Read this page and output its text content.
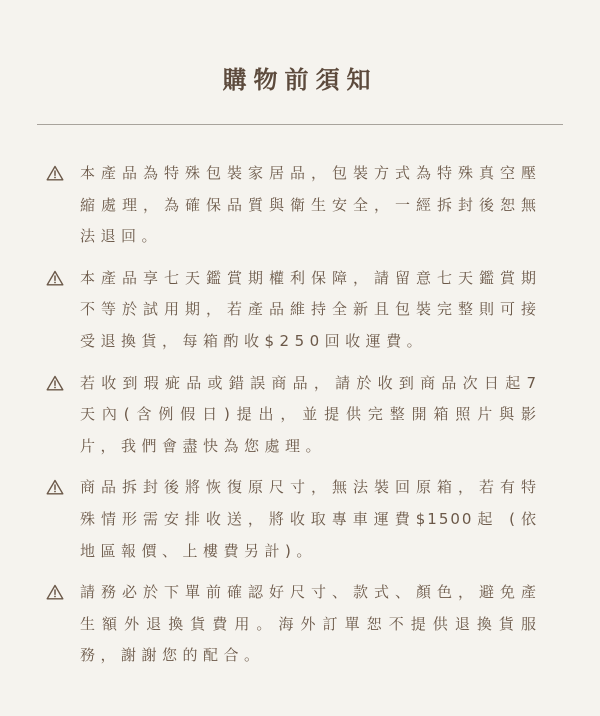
購物前須知
本產品為特殊包裝家居品，包裝方式為特殊真空壓
縮處理，為確保品質與衛生安全，一經拆封後恕無
法退回。
本產品享七天鑑賞期權利保障，請留意七天鑑賞期
不等於試用期，若產品維持全新且包裝完整則可接
受退換貨，每箱酌收$250回收運費。
若收到瑕疵品或錯誤商品，請於收到商品次日起7
天內(含例假日)提出，並提供完整開箱照片與影
片，我們會盡快為您處理。
商品拆封後將恢復原尺寸，無法裝回原箱，若有特
殊情形需安排收送，將收取專車運費$1500起 (依
地區報價、上樓費另計)。
請務必於下單前確認好尺寸、款式、顏色，避免產
生額外退換貨費用。海外訂單恕不提供退換貨服
務，謝謝您的配合。
